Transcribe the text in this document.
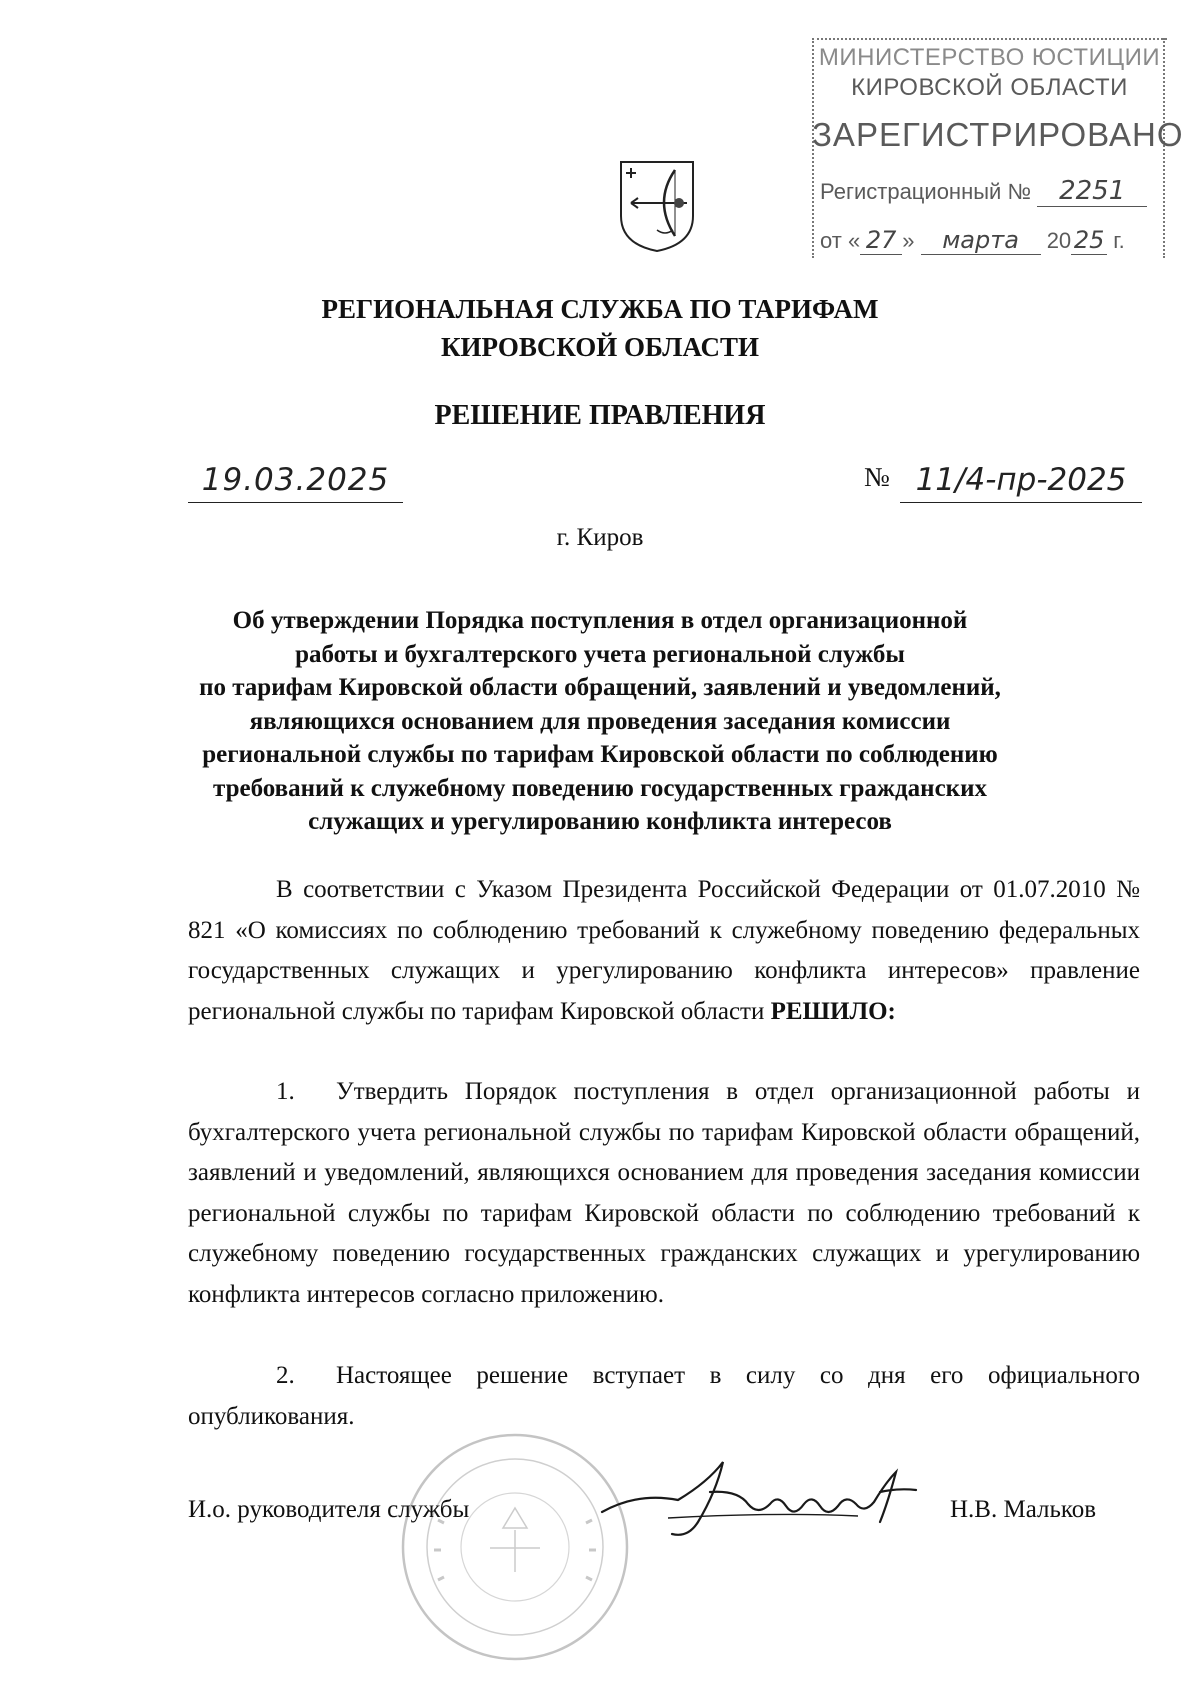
МИНИСТЕРСТВО ЮСТИЦИИ
КИРОВСКОЙ ОБЛАСТИ
ЗАРЕГИСТРИРОВАНО
Регистрационный № 2251
от « 27 » марта 20 25 г.
РЕГИОНАЛЬНАЯ СЛУЖБА ПО ТАРИФАМ
КИРОВСКОЙ ОБЛАСТИ
РЕШЕНИЕ ПРАВЛЕНИЯ
19.03.2025	№ 11/4-пр-2025
г. Киров
Об утверждении Порядка поступления в отдел организационной
работы и бухгалтерского учета региональной службы
по тарифам Кировской области обращений, заявлений и уведомлений,
являющихся основанием для проведения заседания комиссии
региональной службы по тарифам Кировской области по соблюдению
требований к служебному поведению государственных гражданских
служащих и урегулированию конфликта интересов
В соответствии с Указом Президента Российской Федерации от 01.07.2010 № 821 «О комиссиях по соблюдению требований к служебному поведению федеральных государственных служащих и урегулированию конфликта интересов» правление региональной службы по тарифам Кировской области РЕШИЛО:
1. Утвердить Порядок поступления в отдел организационной работы и бухгалтерского учета региональной службы по тарифам Кировской области обращений, заявлений и уведомлений, являющихся основанием для проведения заседания комиссии региональной службы по тарифам Кировской области по соблюдению требований к служебному поведению государственных гражданских служащих и урегулированию конфликта интересов согласно приложению.
2. Настоящее решение вступает в силу со дня его официального опубликования.
И.о. руководителя службы	Н.В. Мальков
